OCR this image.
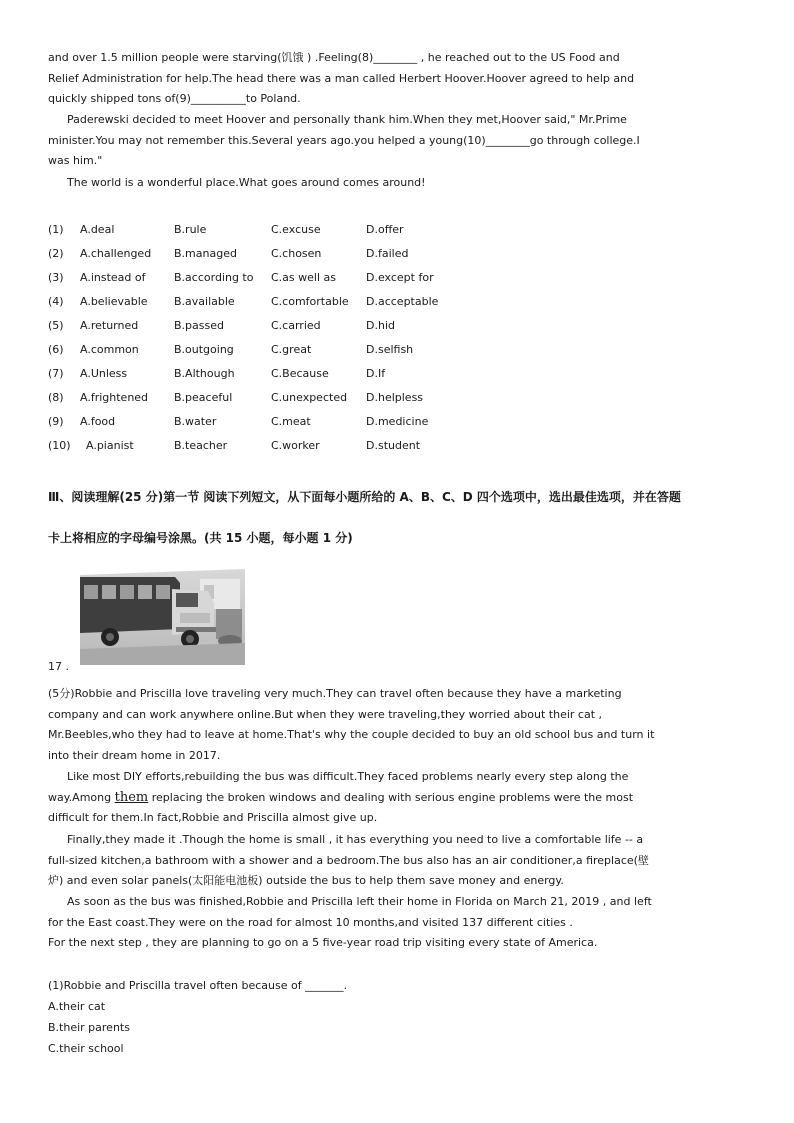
and over 1.5 million people were starving(饥饿 ) .Feeling(8)________ , he reached out to the US Food and
Relief Administration for help.The head there was a man called Herbert Hoover.Hoover agreed to help and
quickly shipped tons of(9)__________to Poland.
Paderewski decided to meet Hoover and personally thank him.When they met,Hoover said," Mr.Prime
minister.You may not remember this.Several years ago.you helped a young(10)________go through college.I
was him."
The world is a wonderful place.What goes around comes around!
(1) A.deal	B.rule	C.excuse	D.offer
(2) A.challenged B.managed	C.chosen	D.failed
(3) A.instead of	B.according to C.as well as	D.except for
(4) A.believable B.available	C.comfortable D.acceptable
(5) A.returned	B.passed	C.carried	D.hid
(6) A.common	B.outgoing	C.great	D.selfish
(7) A.Unless	B.Although	C.Because	D.If
(8) A.frightened B.peaceful	C.unexpected D.helpless
(9) A.food	B.water	C.meat	D.medicine
(10) A.pianist	B.teacher	C.worker	D.student
Ⅲ、阅读理解(25 分)第一节 阅读下列短文，从下面每小题所给的 A、B、C、D 四个选项中，选出最佳选项，并在答题
卡上将相应的字母编号涂黑。(共 15 小题，每小题 1 分)
17 .
(5分)Robbie and Priscilla love traveling very much.They can travel often because they have a marketing
company and can work anywhere online.But when they were traveling,they worried about their cat ,
Mr.Beebles,who they had to leave at home.That's why the couple decided to buy an old school bus and turn it
into their dream home in 2017.
Like most DIY efforts,rebuilding the bus was difficult.They faced problems nearly every step along the
way.Among them replacing the broken windows and dealing with serious engine problems were the most
difficult for them.In fact,Robbie and Priscilla almost give up.
Finally,they made it .Though the home is small , it has everything you need to live a comfortable life -- a
full-sized kitchen,a bathroom with a shower and a bedroom.The bus also has an air conditioner,a fireplace(壁
炉) and even solar panels(太阳能电池板) outside the bus to help them save money and energy.
As soon as the bus was finished,Robbie and Priscilla left their home in Florida on March 21, 2019 , and left
for the East coast.They were on the road for almost 10 months,and visited 137 different cities .
For the next step , they are planning to go on a 5 five-year road trip visiting every state of America.
(1)Robbie and Priscilla travel often because of _______.
A.their cat
B.their parents
C.their school
